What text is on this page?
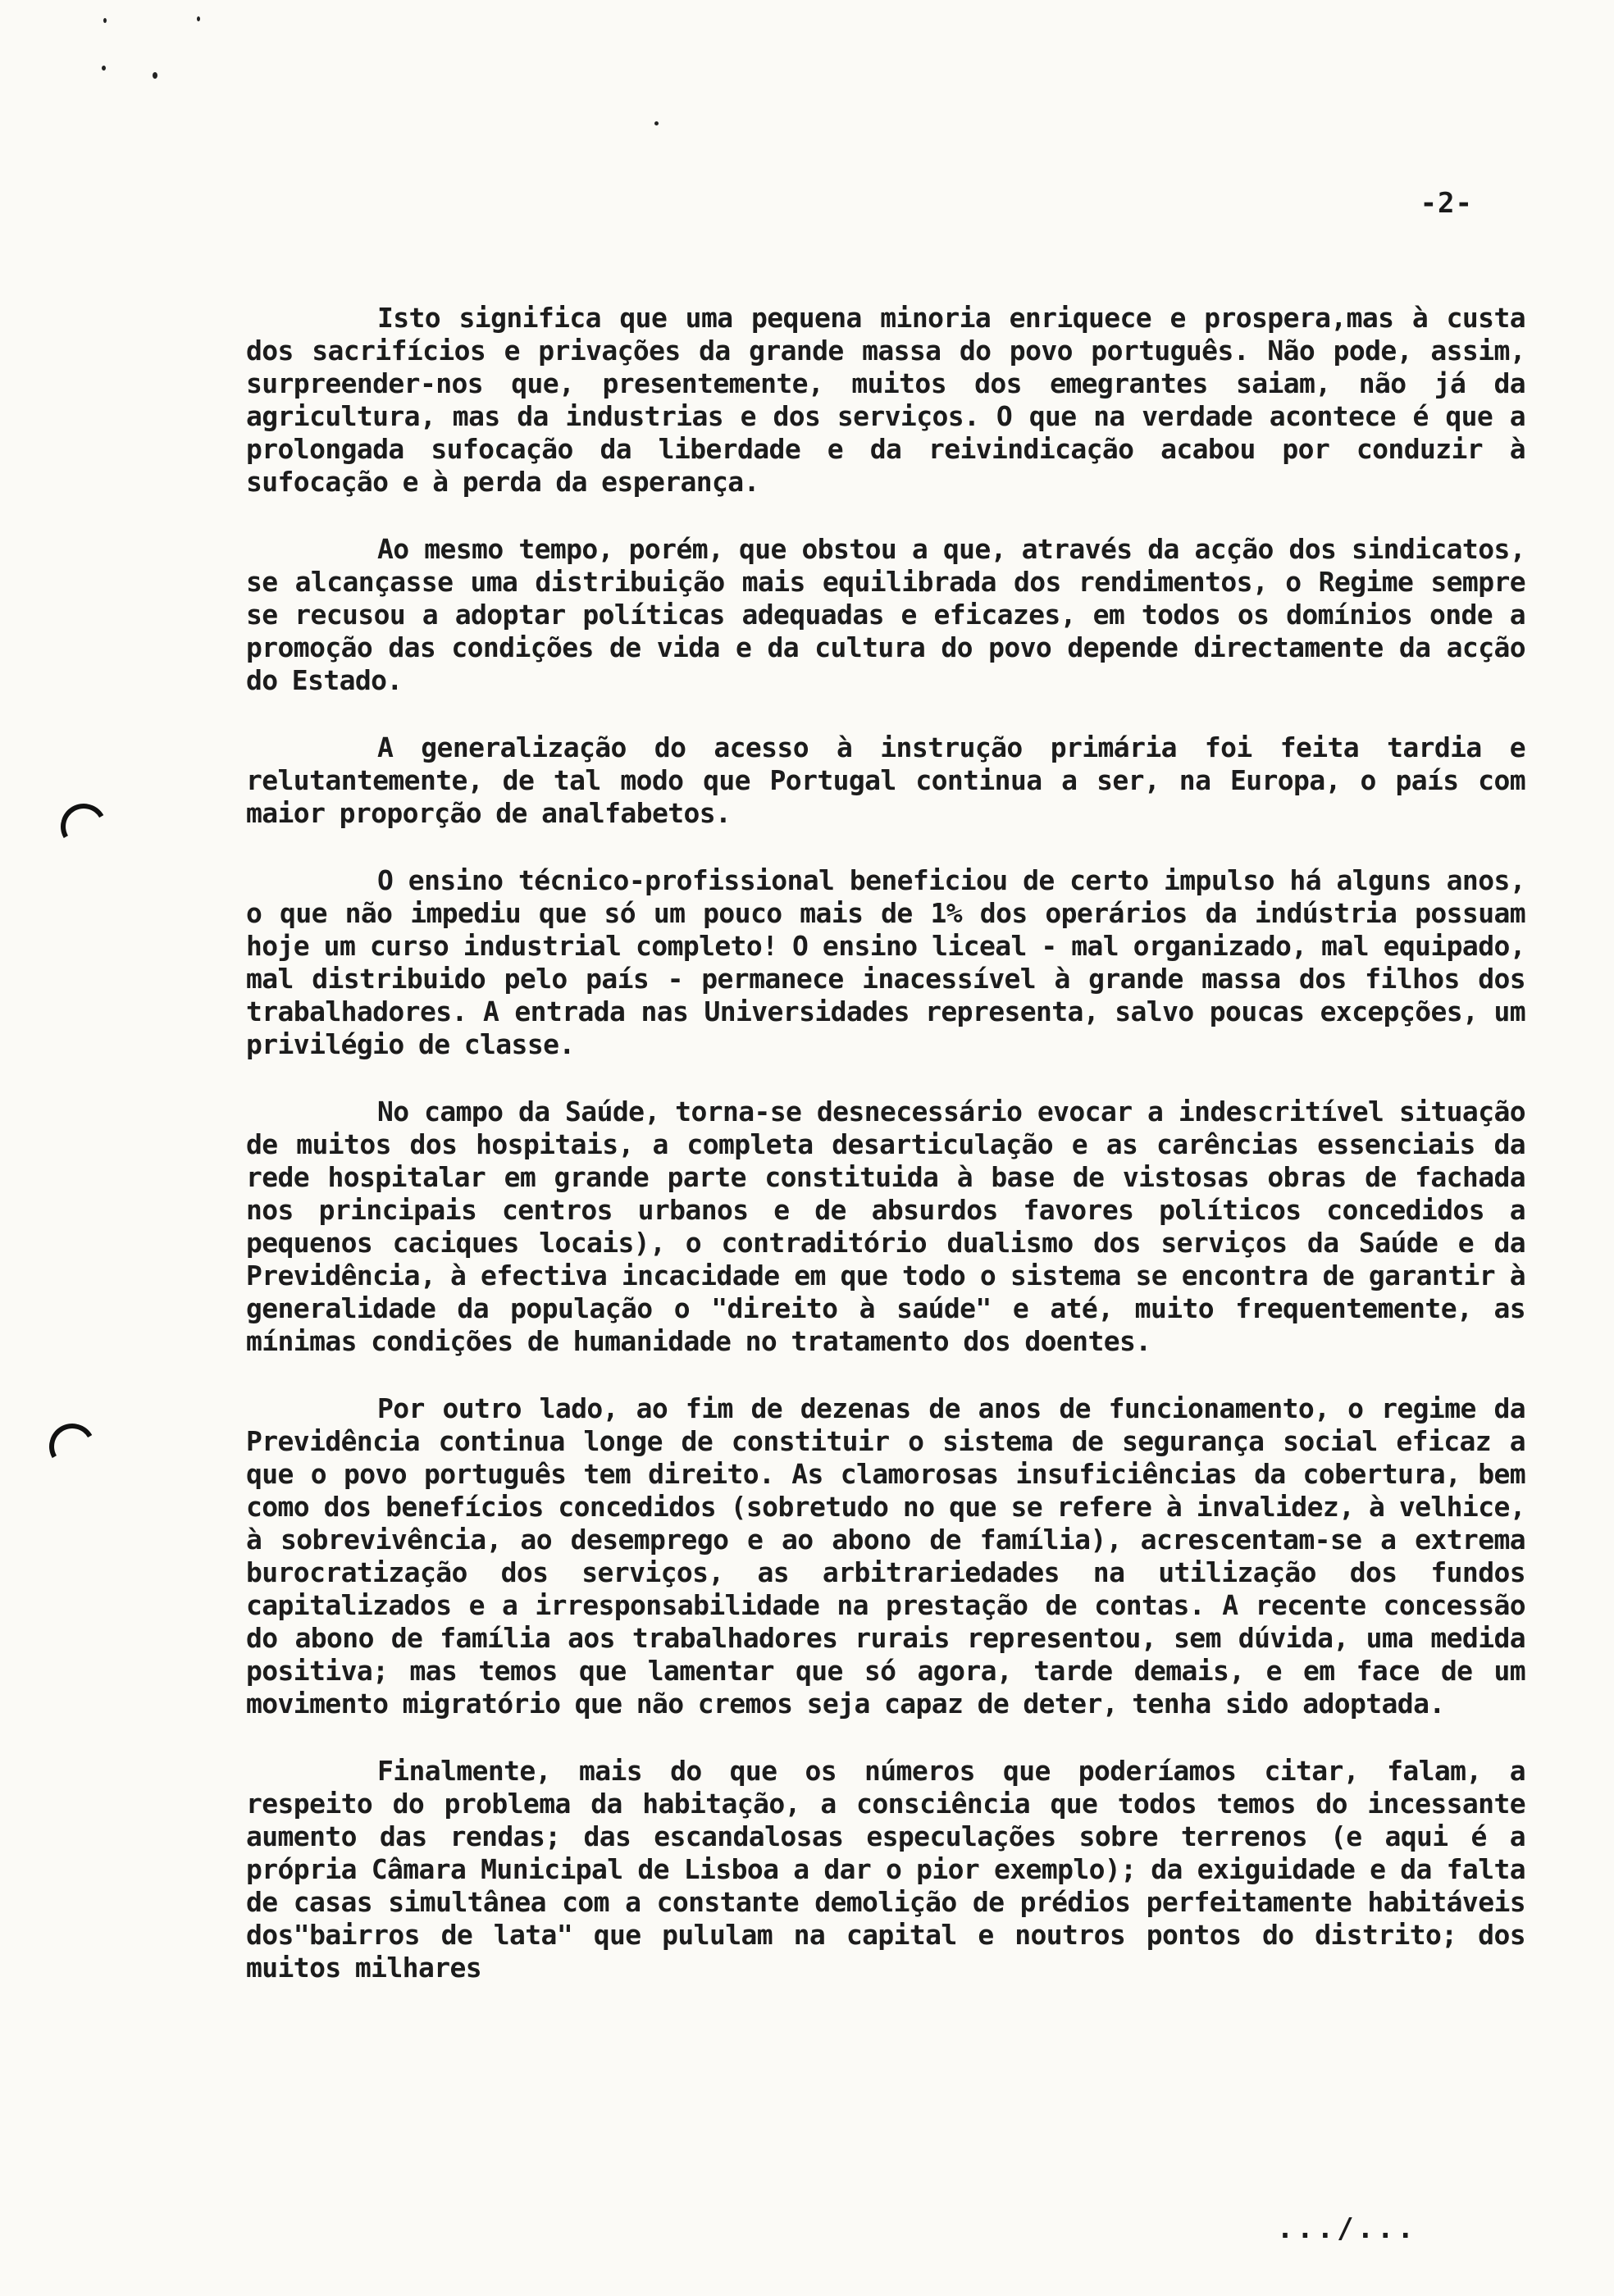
-2-

Isto significa que uma pequena minoria enriquece e prospera,mas à custa dos sacrifícios e privações da grande massa do povo português. Não pode, assim, surpreender-nos que, presentemente, muitos dos emegrantes saiam, não já da agricultura, mas da industrias e dos serviços. O que na verdade acontece é que a prolongada sufocação da liberdade e da reivindicação acabou por conduzir à sufocação e à perda da esperança.

Ao mesmo tempo, porém, que obstou a que, através da acção dos sindicatos, se alcançasse uma distribuição mais equilibrada dos rendimentos, o Regime sempre se recusou a adoptar políticas adequadas e eficazes, em todos os domínios onde a promoção das condições de vida e da cultura do povo depende directamente da acção do Estado.

A generalização do acesso à instrução primária foi feita tardia e relutantemente, de tal modo que Portugal continua a ser, na Europa, o país com maior proporção de analfabetos.

O ensino técnico-profissional beneficiou de certo impulso há alguns anos, o que não impediu que só um pouco mais de 1% dos operários da indústria possuam hoje um curso industrial completo! O ensino liceal - mal organizado, mal equipado, mal distribuido pelo país - permanece inacessível à grande massa dos filhos dos trabalhadores. A entrada nas Universidades representa, salvo poucas excepções, um privilégio de classe.

No campo da Saúde, torna-se desnecessário evocar a indescritível situação de muitos dos hospitais, a completa desarticulação e as carências essenciais da rede hospitalar em grande parte constituida à base de vistosas obras de fachada nos principais centros urbanos e de absurdos favores políticos concedidos a pequenos caciques locais), o contraditório dualismo dos serviços da Saúde e da Previdência, à efectiva incacidade em que todo o sistema se encontra de garantir à generalidade da população o "direito à saúde" e até, muito frequentemente, as mínimas condições de humanidade no tratamento dos doentes.

Por outro lado, ao fim de dezenas de anos de funcionamento, o regime da Previdência continua longe de constituir o sistema de segurança social eficaz a que o povo português tem direito. As clamorosas insuficiências da cobertura, bem como dos benefícios concedidos (sobretudo no que se refere à invalidez, à velhice, à sobrevivência, ao desemprego e ao abono de família), acrescentam-se a extrema burocratização dos serviços, as arbitrariedades na utilização dos fundos capitalizados e a irresponsabilidade na prestação de contas. A recente concessão do abono de família aos trabalhadores rurais representou, sem dúvida, uma medida positiva; mas temos que lamentar que só agora, tarde demais, e em face de um movimento migratório que não cremos seja capaz de deter, tenha sido adoptada.

Finalmente, mais do que os números que poderíamos citar, falam, a respeito do problema da habitação, a consciência que todos temos do incessante aumento das rendas; das escandalosas especulações sobre terrenos (e aqui é a própria Câmara Municipal de Lisboa a dar o pior exemplo); da exiguidade e da falta de casas simultânea com a constante demolição de prédios perfeitamente habitáveis dos"bairros de lata" que pululam na capital e noutros pontos do distrito; dos muitos milhares

.../...
